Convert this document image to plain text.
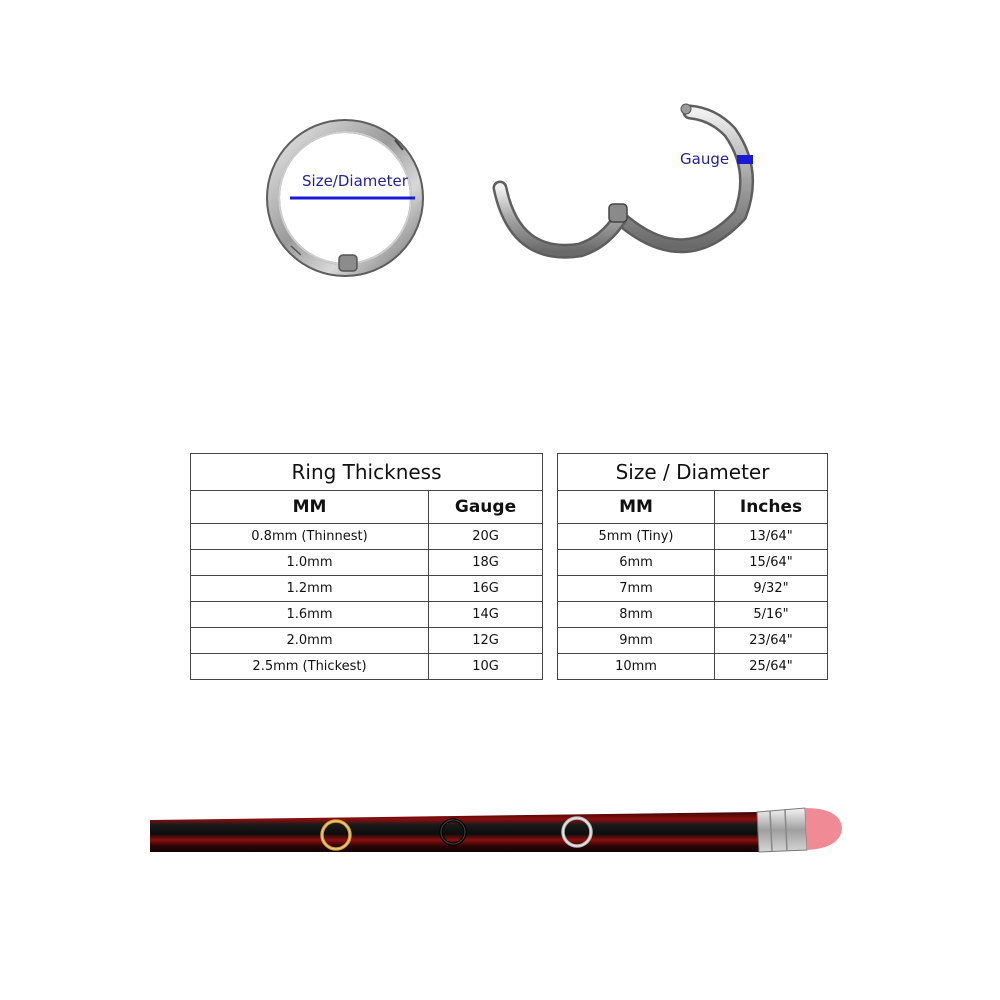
Size/Diameter
Gauge
Ring Thickness	
MM	Gauge
0.8mm (Thinnest)	20G
1.0mm	18G
1.2mm	16G
1.6mm	14G
2.0mm	12G
2.5mm (Thickest)	10G
Size / Diameter	
MM	Inches
5mm (Tiny)	13/64"
6mm	15/64"
7mm	9/32"
8mm	5/16"
9mm	23/64"
10mm	25/64"
